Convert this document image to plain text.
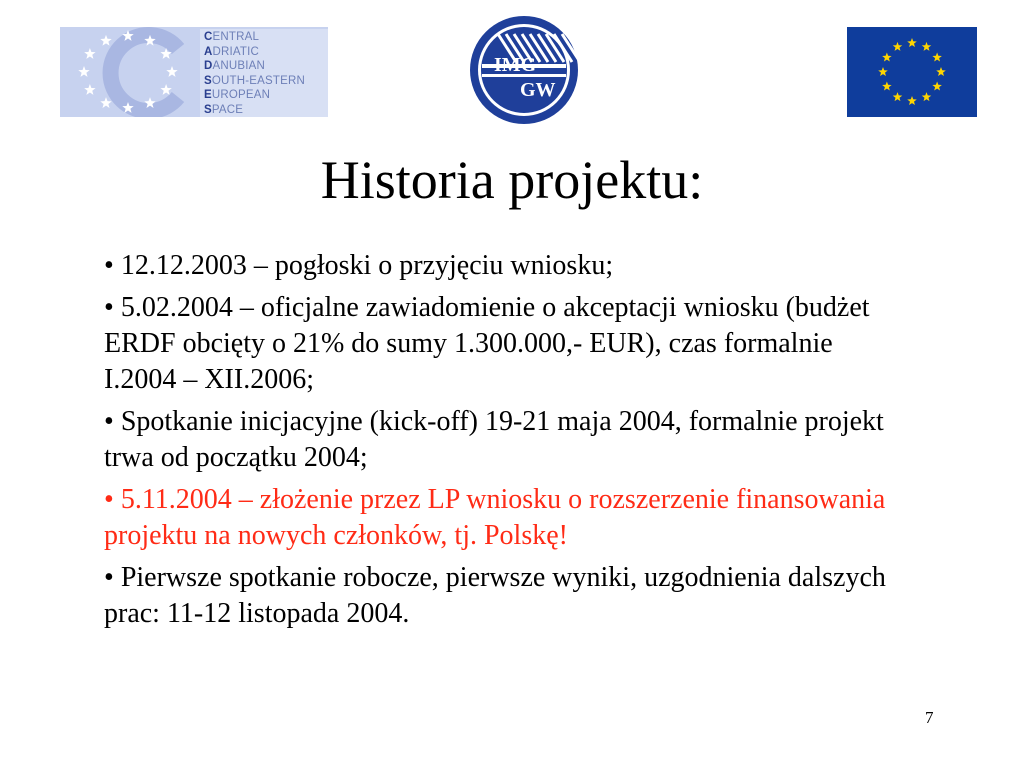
CENTRAL
ADRIATIC
DANUBIAN
SOUTH-EASTERN
EUROPEAN
SPACE
IMG
GW
Historia projektu:
• 12.12.2003 – pogłoski o przyjęciu wniosku;
• 5.02.2004 – oficjalne zawiadomienie o akceptacji wniosku (budżet ERDF obcięty o 21% do sumy 1.300.000,- EUR), czas formalnie I.2004 – XII.2006;
• Spotkanie inicjacyjne (kick-off) 19-21 maja 2004, formalnie projekt trwa od początku 2004;
• 5.11.2004 – złożenie przez LP wniosku o rozszerzenie finansowania projektu na nowych członków, tj. Polskę!
• Pierwsze spotkanie robocze, pierwsze wyniki, uzgodnienia dalszych prac: 11-12 listopada 2004.
7
